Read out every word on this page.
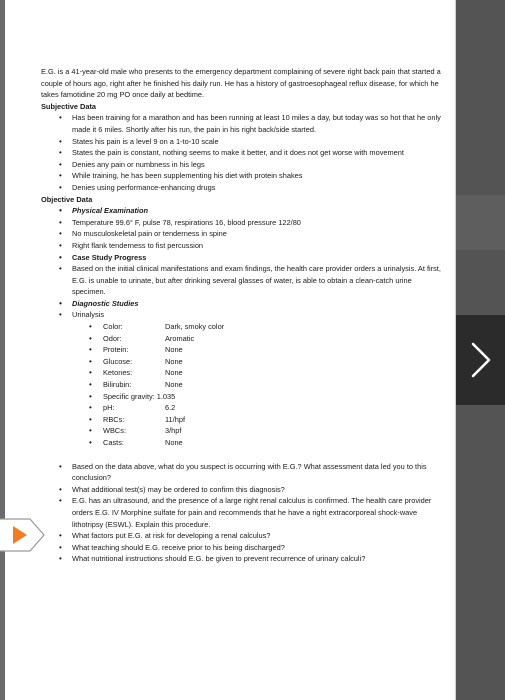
E.G. is a 41-year-old male who presents to the emergency department complaining of severe right back pain that started a couple of hours ago, right after he finished his daily run. He has a history of gastroesophageal reflux disease, for which he takes famotidine 20 mg PO once daily at bedtime.

Subjective Data

• Has been training for a marathon and has been running at least 10 miles a day, but today was so hot that he only made it 6 miles. Shortly after his run, the pain in his right back/side started.
• States his pain is a level 9 on a 1-to-10 scale
• States the pain is constant, nothing seems to make it better, and it does not get worse with movement
• Denies any pain or numbness in his legs
• While training, he has been supplementing his diet with protein shakes
• Denies using performance-enhancing drugs

Objective Data

• Physical Examination
• Temperature 99.6° F, pulse 78, respirations 16, blood pressure 122/80
• No musculoskeletal pain or tenderness in spine
• Right flank tenderness to fist percussion
• Case Study Progress
• Based on the initial clinical manifestations and exam findings, the health care provider orders a urinalysis. At first, E.G. is unable to urinate, but after drinking several glasses of water, is able to obtain a clean-catch urine specimen.
• Diagnostic Studies
• Urinalysis
• Color:	Dark, smoky color
• Odor:	Aromatic
• Protein:	None
• Glucose:	None
• Ketones:	None
• Bilirubin:	None
• Specific gravity: 1.035
• pH:	6.2
• RBCs:	11/hpf
• WBCs:	3/hpf
• Casts:	None
• Based on the data above, what do you suspect is occurring with E.G.? What assessment data led you to this conclusion?
• What additional test(s) may be ordered to confirm this diagnosis?
• E.G. has an ultrasound, and the presence of a large right renal calculus is confirmed. The health care provider orders E.G. IV Morphine sulfate for pain and recommends that he have a right extracorporeal shock-wave lithotripsy (ESWL). Explain this procedure.
• What factors put E.G. at risk for developing a renal calculus?
• What teaching should E.G. receive prior to his being discharged?
• What nutritional instructions should E.G. be given to prevent recurrence of urinary calculi?
